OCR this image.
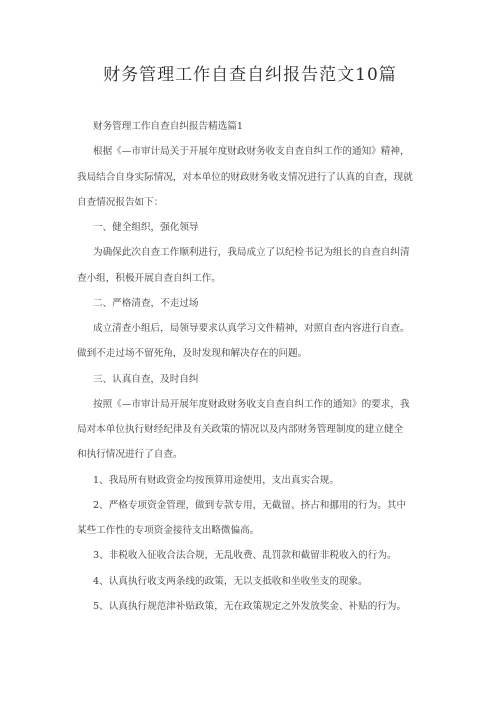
财务管理工作自查自纠报告范文10篇
财务管理工作自查自纠报告精选篇1
根据《—市审计局关于开展年度财政财务收支自查自纠工作的通知》精神，
我局结合自身实际情况，对本单位的财政财务收支情况进行了认真的自查，现就
自查情况报告如下：
一、健全组织，强化领导
为确保此次自查工作顺利进行，我局成立了以纪检书记为组长的自查自纠清
查小组，积极开展自查自纠工作。
二、严格清查，不走过场
成立清查小组后，局领导要求认真学习文件精神，对照自查内容进行自查。
做到不走过场不留死角，及时发现和解决存在的问题。
三、认真自查，及时自纠
按照《—市审计局开展年度财政财务收支自查自纠工作的通知》的要求，我
局对本单位执行财经纪律及有关政策的情况以及内部财务管理制度的建立健全
和执行情况进行了自查。
1、我局所有财政资金均按预算用途使用，支出真实合规。
2、严格专项资金管理，做到专款专用，无截留、挤占和挪用的行为。其中
某些工作性的专项资金接待支出略微偏高。
3、非税收入征收合法合规，无乱收费、乱罚款和截留非税收入的行为。
4、认真执行收支两条线的政策，无以支抵收和坐收坐支的现象。
5、认真执行规范津补贴政策，无在政策规定之外发放奖金、补贴的行为。
